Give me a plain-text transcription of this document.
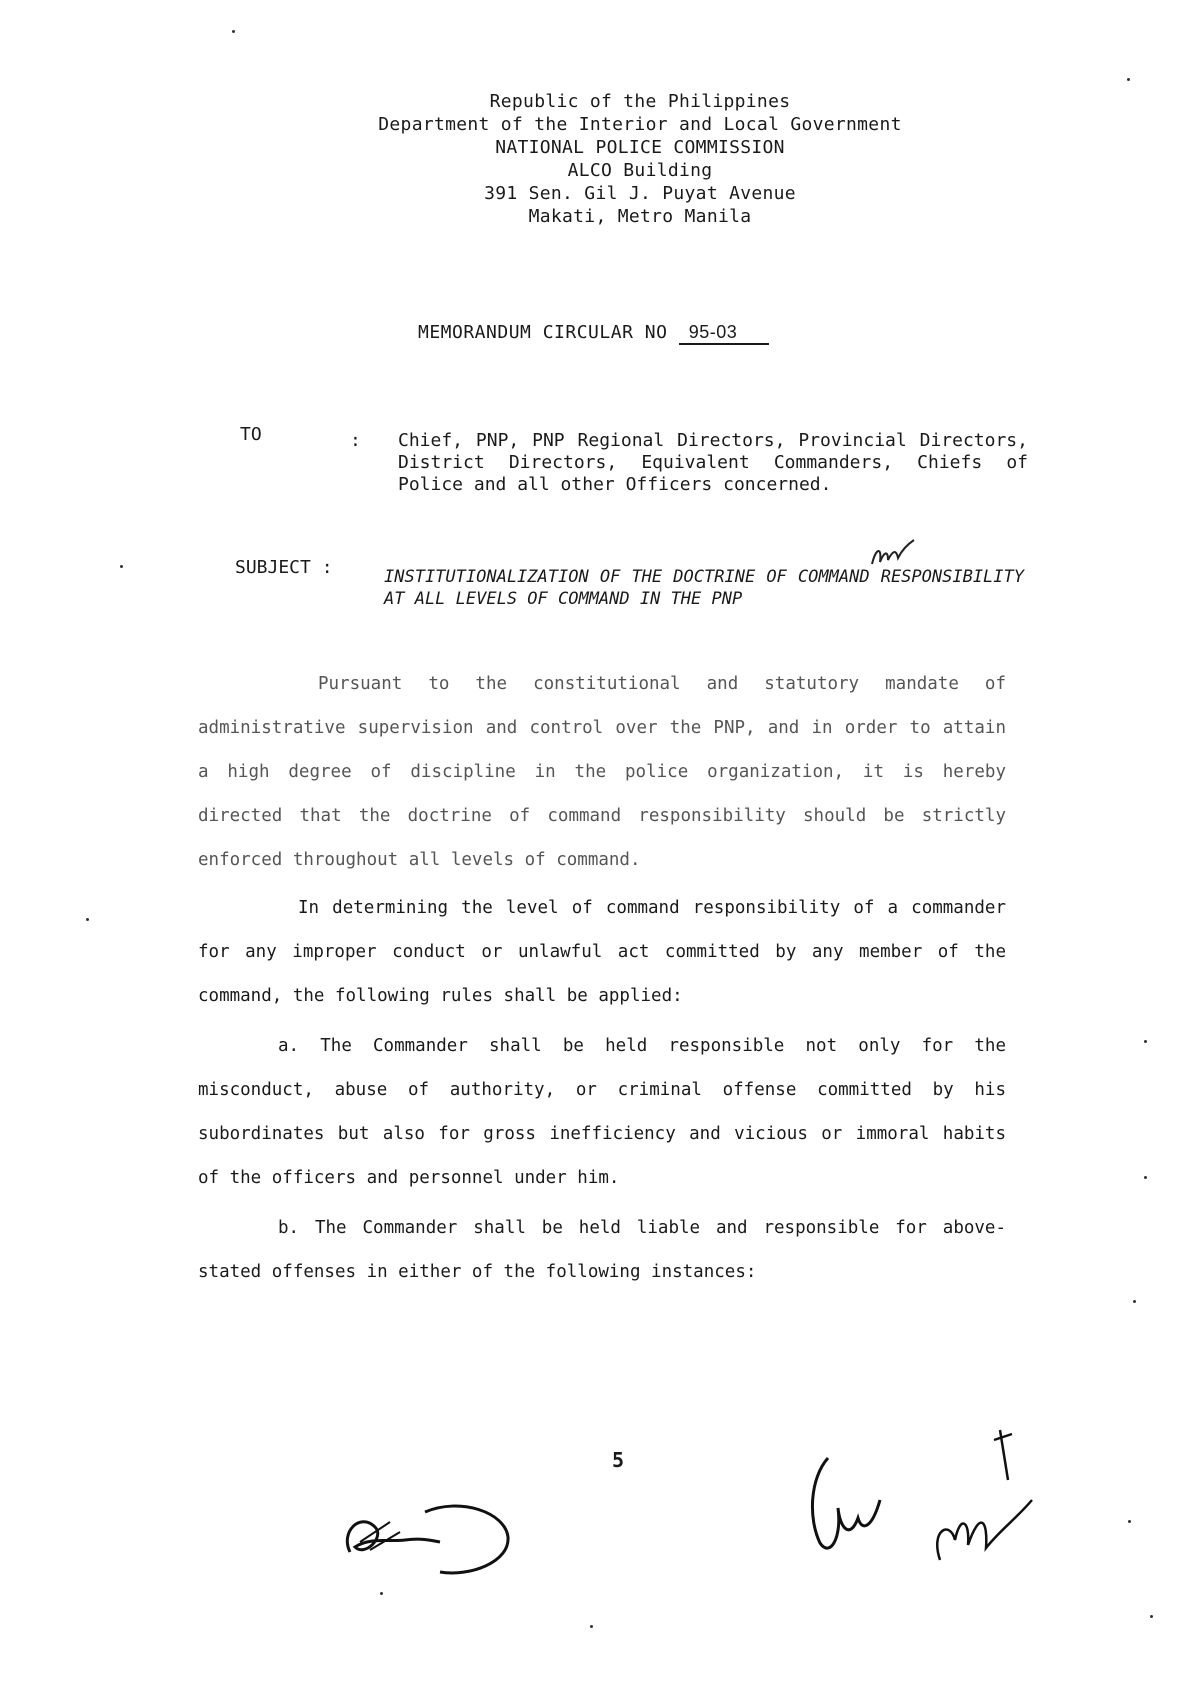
Republic of the Philippines
Department of the Interior and Local Government
NATIONAL POLICE COMMISSION
ALCO Building
391 Sen. Gil J. Puyat Avenue
Makati, Metro Manila
MEMORANDUM CIRCULAR NO 95-03
TO	: Chief, PNP, PNP Regional Directors, Provincial Directors, District Directors, Equivalent Commanders, Chiefs of Police and all other Officers concerned.
SUBJECT :	INSTITUTIONALIZATION OF THE DOCTRINE OF COMMAND RESPONSIBILITY AT ALL LEVELS OF COMMAND IN THE PNP

Pursuant to the constitutional and statutory mandate of administrative supervision and control over the PNP, and in order to attain a high degree of discipline in the police organization, it is hereby directed that the doctrine of command responsibility should be strictly enforced throughout all levels of command.

In determining the level of command responsibility of a commander for any improper conduct or unlawful act committed by any member of the command, the following rules shall be applied:

a. The Commander shall be held responsible not only for the misconduct, abuse of authority, or criminal offense committed by his subordinates but also for gross inefficiency and vicious or immoral habits of the officers and personnel under him.

b. The Commander shall be held liable and responsible for above-stated offenses in either of the following instances:

5
